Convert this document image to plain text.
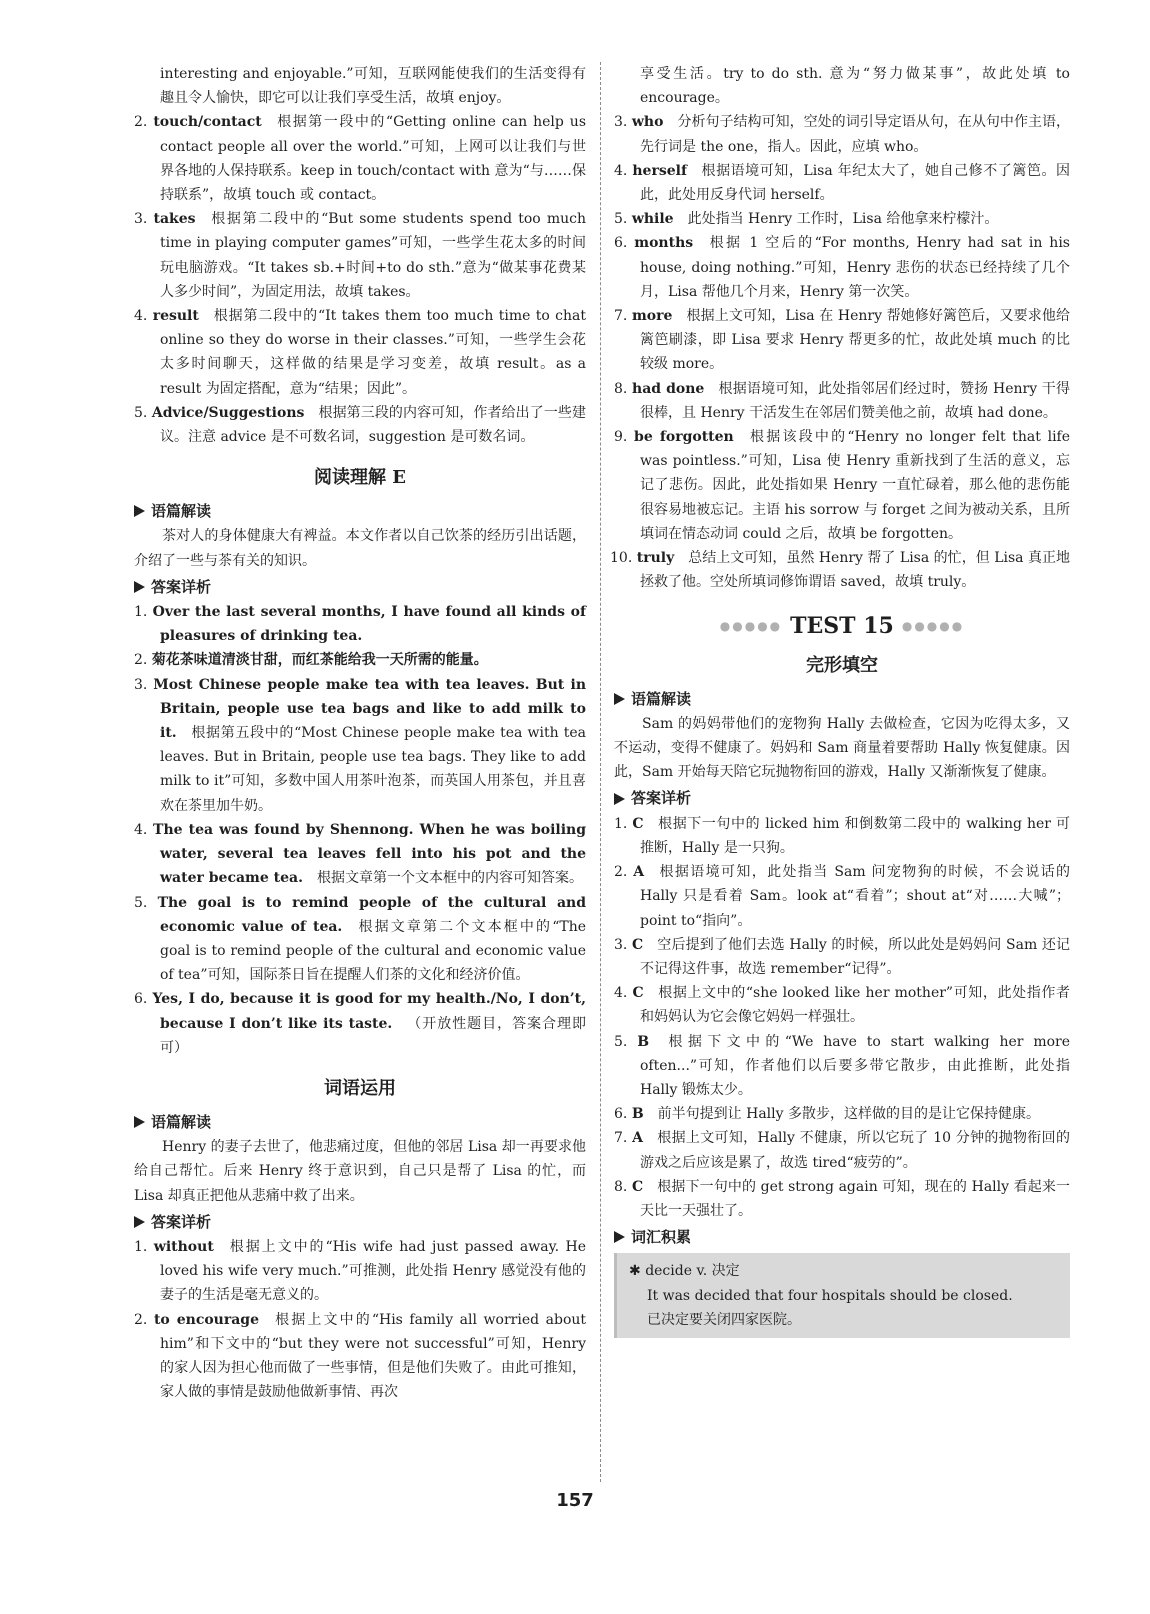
interesting and enjoyable.”可知，互联网能使我们的生活变得有趣且令人愉快，即它可以让我们享受生活，故填 enjoy。

2. touch/contact  根据第一段中的“Getting online can help us contact people all over the world.”可知，上网可以让我们与世界各地的人保持联系。keep in touch/contact with 意为“与……保持联系”，故填 touch 或 contact。

3. takes  根据第二段中的“But some students spend too much time in playing computer games”可知，一些学生花太多的时间玩电脑游戏。“It takes sb.+时间+to do sth.”意为“做某事花费某人多少时间”，为固定用法，故填 takes。

4. result  根据第二段中的“It takes them too much time to chat online so they do worse in their classes.”可知，一些学生会花太多时间聊天，这样做的结果是学习变差，故填 result。as a result 为固定搭配，意为“结果；因此”。

5. Advice/Suggestions  根据第三段的内容可知，作者给出了一些建议。注意 advice 是不可数名词，suggestion 是可数名词。

阅读理解 E
语篇解读

茶对人的身体健康大有裨益。本文作者以自己饮茶的经历引出话题，介绍了一些与茶有关的知识。

答案详析

1. Over the last several months, I have found all kinds of pleasures of drinking tea. 

2. 菊花茶味道清淡甘甜，而红茶能给我一天所需的能量。 

3. Most Chinese people make tea with tea leaves. But in Britain, people use tea bags and like to add milk to it.  根据第五段中的“Most Chinese people make tea with tea leaves. But in Britain, people use tea bags. They like to add milk to it”可知，多数中国人用茶叶泡茶，而英国人用茶包，并且喜欢在茶里加牛奶。

4. The tea was found by Shennong. When he was boiling water, several tea leaves fell into his pot and the water became tea.  根据文章第一个文本框中的内容可知答案。

5. The goal is to remind people of the cultural and economic value of tea.  根据文章第二个文本框中的“The goal is to remind people of the cultural and economic value of tea”可知，国际茶日旨在提醒人们茶的文化和经济价值。

6. Yes, I do, because it is good for my health./No, I don’t, because I don’t like its taste.  （开放性题目，答案合理即可）

词语运用
语篇解读

Henry 的妻子去世了，他悲痛过度，但他的邻居 Lisa 却一再要求他给自己帮忙。后来 Henry 终于意识到，自己只是帮了 Lisa 的忙，而 Lisa 却真正把他从悲痛中救了出来。

答案详析

1. without  根据上文中的“His wife had just passed away. He loved his wife very much.”可推测，此处指 Henry 感觉没有他的妻子的生活是毫无意义的。

2. to encourage  根据上文中的“His family all worried about him”和下文中的“but they were not successful”可知，Henry 的家人因为担心他而做了一些事情，但是他们失败了。由此可推知，家人做的事情是鼓励他做新事情、再次

享受生活。try to do sth. 意为“努力做某事”，故此处填 to encourage。

3. who  分析句子结构可知，空处的词引导定语从句，在从句中作主语，先行词是 the one，指人。因此，应填 who。

4. herself  根据语境可知，Lisa 年纪太大了，她自己修不了篱笆。因此，此处用反身代词 herself。

5. while  此处指当 Henry 工作时，Lisa 给他拿来柠檬汁。

6. months  根据 1 空后的“For months, Henry had sat in his house, doing nothing.”可知，Henry 悲伤的状态已经持续了几个月，Lisa 帮他几个月来，Henry 第一次笑。

7. more  根据上文可知，Lisa 在 Henry 帮她修好篱笆后，又要求他给篱笆刷漆，即 Lisa 要求 Henry 帮更多的忙，故此处填 much 的比较级 more。

8. had done  根据语境可知，此处指邻居们经过时，赞扬 Henry 干得很棒，且 Henry 干活发生在邻居们赞美他之前，故填 had done。

9. be forgotten  根据该段中的“Henry no longer felt that life was pointless.”可知，Lisa 使 Henry 重新找到了生活的意义，忘记了悲伤。因此，此处指如果 Henry 一直忙碌着，那么他的悲伤能很容易地被忘记。主语 his sorrow 与 forget 之间为被动关系，且所填词在情态动词 could 之后，故填 be forgotten。

10. truly  总结上文可知，虽然 Henry 帮了 Lisa 的忙，但 Lisa 真正地拯救了他。空处所填词修饰谓语 saved，故填 truly。

●●●●● TEST 15 ●●●●●
完形填空
语篇解读

Sam 的妈妈带他们的宠物狗 Hally 去做检查，它因为吃得太多，又不运动，变得不健康了。妈妈和 Sam 商量着要帮助 Hally 恢复健康。因此，Sam 开始每天陪它玩抛物衔回的游戏，Hally 又渐渐恢复了健康。

答案详析

1. C  根据下一句中的 licked him 和倒数第二段中的 walking her 可推断，Hally 是一只狗。

2. A  根据语境可知，此处指当 Sam 问宠物狗的时候，不会说话的 Hally 只是看着 Sam。look at“看着”；shout at“对……大喊”；point to“指向”。

3. C  空后提到了他们去选 Hally 的时候，所以此处是妈妈问 Sam 还记不记得这件事，故选 remember“记得”。

4. C  根据上文中的“she looked like her mother”可知，此处指作者和妈妈认为它会像它妈妈一样强壮。

5. B  根据下文中的“We have to start walking her more often...”可知，作者他们以后要多带它散步，由此推断，此处指 Hally 锻炼太少。

6. B  前半句提到让 Hally 多散步，这样做的目的是让它保持健康。

7. A  根据上文可知，Hally 不健康，所以它玩了 10 分钟的抛物衔回的游戏之后应该是累了，故选 tired“疲劳的”。

8. C  根据下一句中的 get strong again 可知，现在的 Hally 看起来一天比一天强壮了。

词汇积累

✱ decide v. 决定

It was decided that four hospitals should be closed.

已决定要关闭四家医院。

157
